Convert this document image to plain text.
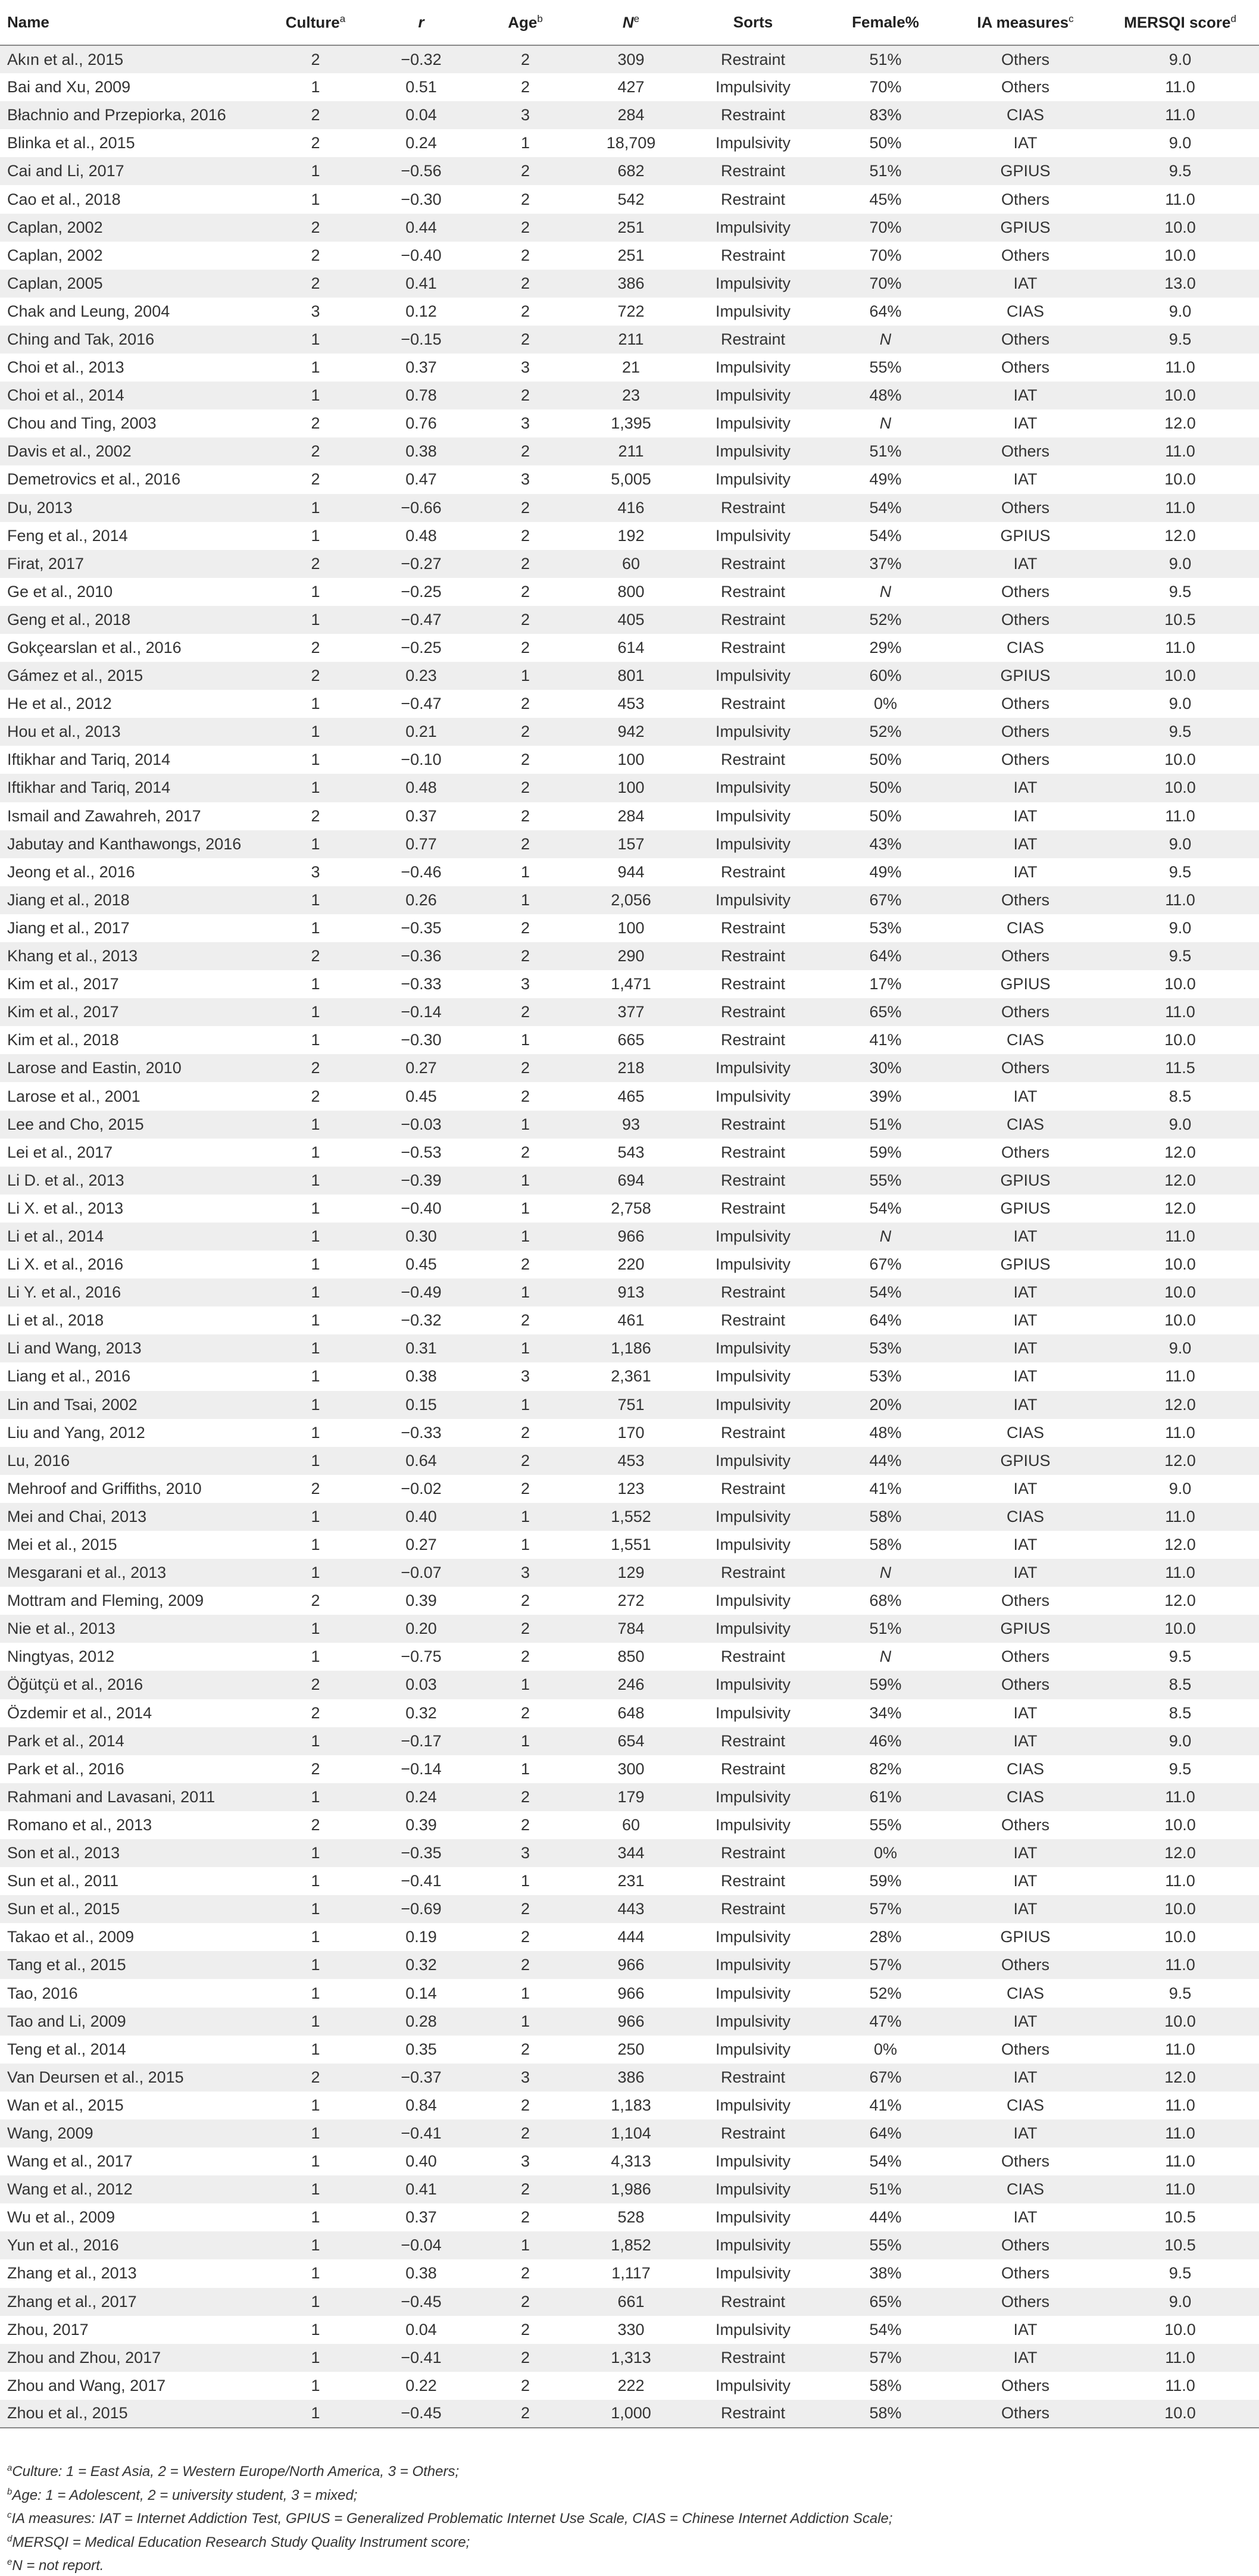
Name	Culture$^a$	r	Age$^b$	$N^e$	Sorts	Female%	IA measures$^c$	MERSQI score$^d$
Akın et al., 2015	2	−0.32	2	309	Restraint	51%	Others	9.0
Bai and Xu, 2009	1	0.51	2	427	Impulsivity	70%	Others	11.0
Błachnio and Przepiorka, 2016	2	0.04	3	284	Restraint	83%	CIAS	11.0
Blinka et al., 2015	2	0.24	1	18,709	Impulsivity	50%	IAT	9.0
Cai and Li, 2017	1	−0.56	2	682	Restraint	51%	GPIUS	9.5
Cao et al., 2018	1	−0.30	2	542	Restraint	45%	Others	11.0
Caplan, 2002	2	0.44	2	251	Impulsivity	70%	GPIUS	10.0
Caplan, 2002	2	−0.40	2	251	Restraint	70%	Others	10.0
Caplan, 2005	2	0.41	2	386	Impulsivity	70%	IAT	13.0
Chak and Leung, 2004	3	0.12	2	722	Impulsivity	64%	CIAS	9.0
Ching and Tak, 2016	1	−0.15	2	211	Restraint	N	Others	9.5
Choi et al., 2013	1	0.37	3	21	Impulsivity	55%	Others	11.0
Choi et al., 2014	1	0.78	2	23	Impulsivity	48%	IAT	10.0
Chou and Ting, 2003	2	0.76	3	1,395	Impulsivity	N	IAT	12.0
Davis et al., 2002	2	0.38	2	211	Impulsivity	51%	Others	11.0
Demetrovics et al., 2016	2	0.47	3	5,005	Impulsivity	49%	IAT	10.0
Du, 2013	1	−0.66	2	416	Restraint	54%	Others	11.0
Feng et al., 2014	1	0.48	2	192	Impulsivity	54%	GPIUS	12.0
Firat, 2017	2	−0.27	2	60	Restraint	37%	IAT	9.0
Ge et al., 2010	1	−0.25	2	800	Restraint	N	Others	9.5
Geng et al., 2018	1	−0.47	2	405	Restraint	52%	Others	10.5
Gokçearslan et al., 2016	2	−0.25	2	614	Restraint	29%	CIAS	11.0
Gámez et al., 2015	2	0.23	1	801	Impulsivity	60%	GPIUS	10.0
He et al., 2012	1	−0.47	2	453	Restraint	0%	Others	9.0
Hou et al., 2013	1	0.21	2	942	Impulsivity	52%	Others	9.5
Iftikhar and Tariq, 2014	1	−0.10	2	100	Restraint	50%	Others	10.0
Iftikhar and Tariq, 2014	1	0.48	2	100	Impulsivity	50%	IAT	10.0
Ismail and Zawahreh, 2017	2	0.37	2	284	Impulsivity	50%	IAT	11.0
Jabutay and Kanthawongs, 2016	1	0.77	2	157	Impulsivity	43%	IAT	9.0
Jeong et al., 2016	3	−0.46	1	944	Restraint	49%	IAT	9.5
Jiang et al., 2018	1	0.26	1	2,056	Impulsivity	67%	Others	11.0
Jiang et al., 2017	1	−0.35	2	100	Restraint	53%	CIAS	9.0
Khang et al., 2013	2	−0.36	2	290	Restraint	64%	Others	9.5
Kim et al., 2017	1	−0.33	3	1,471	Restraint	17%	GPIUS	10.0
Kim et al., 2017	1	−0.14	2	377	Restraint	65%	Others	11.0
Kim et al., 2018	1	−0.30	1	665	Restraint	41%	CIAS	10.0
Larose and Eastin, 2010	2	0.27	2	218	Impulsivity	30%	Others	11.5
Larose et al., 2001	2	0.45	2	465	Impulsivity	39%	IAT	8.5
Lee and Cho, 2015	1	−0.03	1	93	Restraint	51%	CIAS	9.0
Lei et al., 2017	1	−0.53	2	543	Restraint	59%	Others	12.0
Li D. et al., 2013	1	−0.39	1	694	Restraint	55%	GPIUS	12.0
Li X. et al., 2013	1	−0.40	1	2,758	Restraint	54%	GPIUS	12.0
Li et al., 2014	1	0.30	1	966	Impulsivity	N	IAT	11.0
Li X. et al., 2016	1	0.45	2	220	Impulsivity	67%	GPIUS	10.0
Li Y. et al., 2016	1	−0.49	1	913	Restraint	54%	IAT	10.0
Li et al., 2018	1	−0.32	2	461	Restraint	64%	IAT	10.0
Li and Wang, 2013	1	0.31	1	1,186	Impulsivity	53%	IAT	9.0
Liang et al., 2016	1	0.38	3	2,361	Impulsivity	53%	IAT	11.0
Lin and Tsai, 2002	1	0.15	1	751	Impulsivity	20%	IAT	12.0
Liu and Yang, 2012	1	−0.33	2	170	Restraint	48%	CIAS	11.0
Lu, 2016	1	0.64	2	453	Impulsivity	44%	GPIUS	12.0
Mehroof and Griffiths, 2010	2	−0.02	2	123	Restraint	41%	IAT	9.0
Mei and Chai, 2013	1	0.40	1	1,552	Impulsivity	58%	CIAS	11.0
Mei et al., 2015	1	0.27	1	1,551	Impulsivity	58%	IAT	12.0
Mesgarani et al., 2013	1	−0.07	3	129	Restraint	N	IAT	11.0
Mottram and Fleming, 2009	2	0.39	2	272	Impulsivity	68%	Others	12.0
Nie et al., 2013	1	0.20	2	784	Impulsivity	51%	GPIUS	10.0
Ningtyas, 2012	1	−0.75	2	850	Restraint	N	Others	9.5
Öğütçü et al., 2016	2	0.03	1	246	Impulsivity	59%	Others	8.5
Özdemir et al., 2014	2	0.32	2	648	Impulsivity	34%	IAT	8.5
Park et al., 2014	1	−0.17	1	654	Restraint	46%	IAT	9.0
Park et al., 2016	2	−0.14	1	300	Restraint	82%	CIAS	9.5
Rahmani and Lavasani, 2011	1	0.24	2	179	Impulsivity	61%	CIAS	11.0
Romano et al., 2013	2	0.39	2	60	Impulsivity	55%	Others	10.0
Son et al., 2013	1	−0.35	3	344	Restraint	0%	IAT	12.0
Sun et al., 2011	1	−0.41	1	231	Restraint	59%	IAT	11.0
Sun et al., 2015	1	−0.69	2	443	Restraint	57%	IAT	10.0
Takao et al., 2009	1	0.19	2	444	Impulsivity	28%	GPIUS	10.0
Tang et al., 2015	1	0.32	2	966	Impulsivity	57%	Others	11.0
Tao, 2016	1	0.14	1	966	Impulsivity	52%	CIAS	9.5
Tao and Li, 2009	1	0.28	1	966	Impulsivity	47%	IAT	10.0
Teng et al., 2014	1	0.35	2	250	Impulsivity	0%	Others	11.0
Van Deursen et al., 2015	2	−0.37	3	386	Restraint	67%	IAT	12.0
Wan et al., 2015	1	0.84	2	1,183	Impulsivity	41%	CIAS	11.0
Wang, 2009	1	−0.41	2	1,104	Restraint	64%	IAT	11.0
Wang et al., 2017	1	0.40	3	4,313	Impulsivity	54%	Others	11.0
Wang et al., 2012	1	0.41	2	1,986	Impulsivity	51%	CIAS	11.0
Wu et al., 2009	1	0.37	2	528	Impulsivity	44%	IAT	10.5
Yun et al., 2016	1	−0.04	1	1,852	Impulsivity	55%	Others	10.5
Zhang et al., 2013	1	0.38	2	1,117	Impulsivity	38%	Others	9.5
Zhang et al., 2017	1	−0.45	2	661	Restraint	65%	Others	9.0
Zhou, 2017	1	0.04	2	330	Impulsivity	54%	IAT	10.0
Zhou and Zhou, 2017	1	−0.41	2	1,313	Restraint	57%	IAT	11.0
Zhou and Wang, 2017	1	0.22	2	222	Impulsivity	58%	Others	11.0
Zhou et al., 2015	1	−0.45	2	1,000	Restraint	58%	Others	10.0
$^a$Culture: 1 = East Asia, 2 = Western Europe/North America, 3 = Others;
$^b$Age: 1 = Adolescent, 2 = university student, 3 = mixed;
$^c$IA measures: IAT = Internet Addiction Test, GPIUS = Generalized Problematic Internet Use Scale, CIAS = Chinese Internet Addiction Scale;
$^d$MERSQI = Medical Education Research Study Quality Instrument score;
$^e$N = not report.
